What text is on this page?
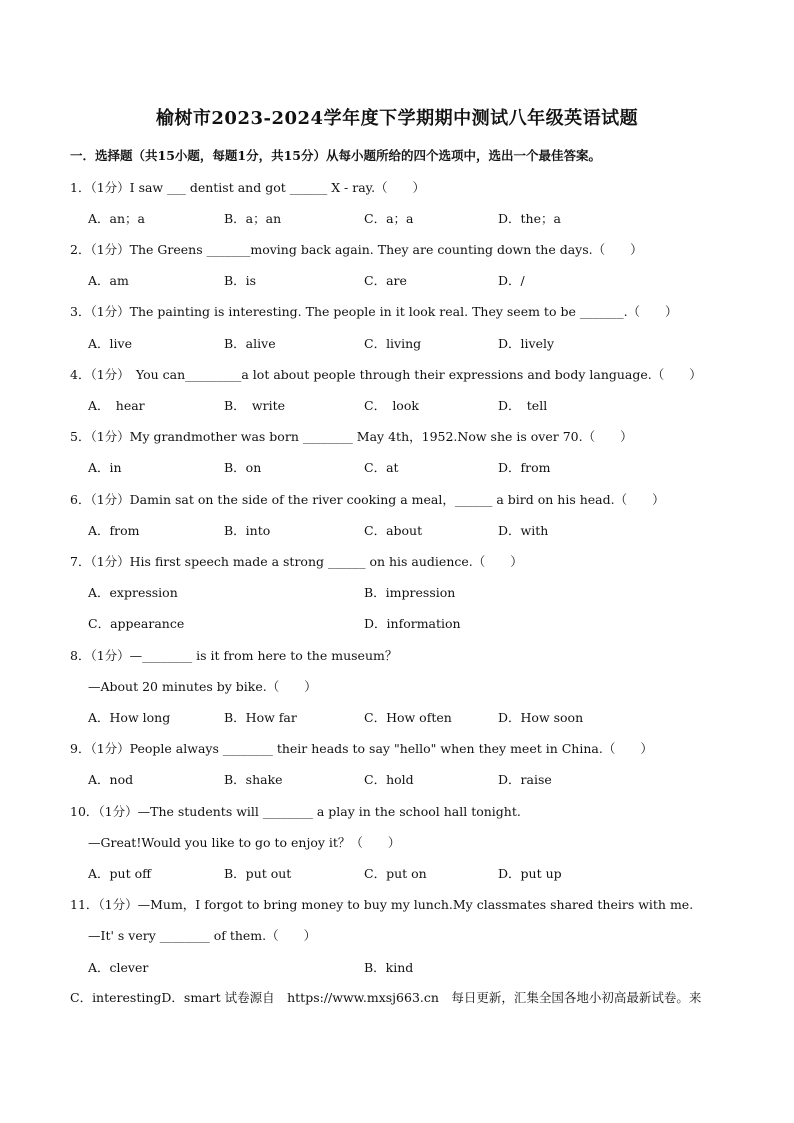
榆树市2023-2024学年度下学期期中测试八年级英语试题
一．选择题（共15小题，每题1分，共15分）从每小题所给的四个选项中，选出一个最佳答案。
1．（1分）I saw ___ dentist and got ______ X - ray.（　　）
A．an；a	B．a；an	C．a；a	D．the；a
2．（1分）The Greens _______moving back again. They are counting down the days.（　　）
A．am	B．is	C．are	D．/
3．（1分）The painting is interesting. The people in it look real. They seem to be _______.（　　）
A．live	B．alive	C．living	D．lively
4．（1分）　You can_________a lot about people through their expressions and body language.（　　）
A．　hear	B．　write	C．　look	D．　tell
5．（1分）My grandmother was born ________ May 4th，1952.Now she is over 70.（　　）
A．in	B．on	C．at	D．from
6．（1分）Damin sat on the side of the river cooking a meal，______ a bird on his head.（　　）
A．from	B．into	C．about	D．with
7．（1分）His first speech made a strong ______ on his audience.（　　）
A．expression	B．impression
C．appearance	D．information
8．（1分）—________ is it from here to the museum？
—About 20 minutes by bike.（　　）
A．How long	B．How far	C．How often	D．How soon
9．（1分）People always ________ their heads to say "hello" when they meet in China.（　　）
A．nod	B．shake	C．hold	D．raise
10．（1分）—The students will ________ a play in the school hall tonight.
—Great!Would you like to go to enjoy it？（　　）
A．put off	B．put out	C．put on	D．put up
11．（1分）—Mum，I forgot to bring money to buy my lunch.My classmates shared theirs with me.
—It' s very ________ of them.（　　）
A．clever	B．kind
C．interestingD．smart 试卷源自　https://www.mxsj663.cn　每日更新，汇集全国各地小初高最新试卷。来
